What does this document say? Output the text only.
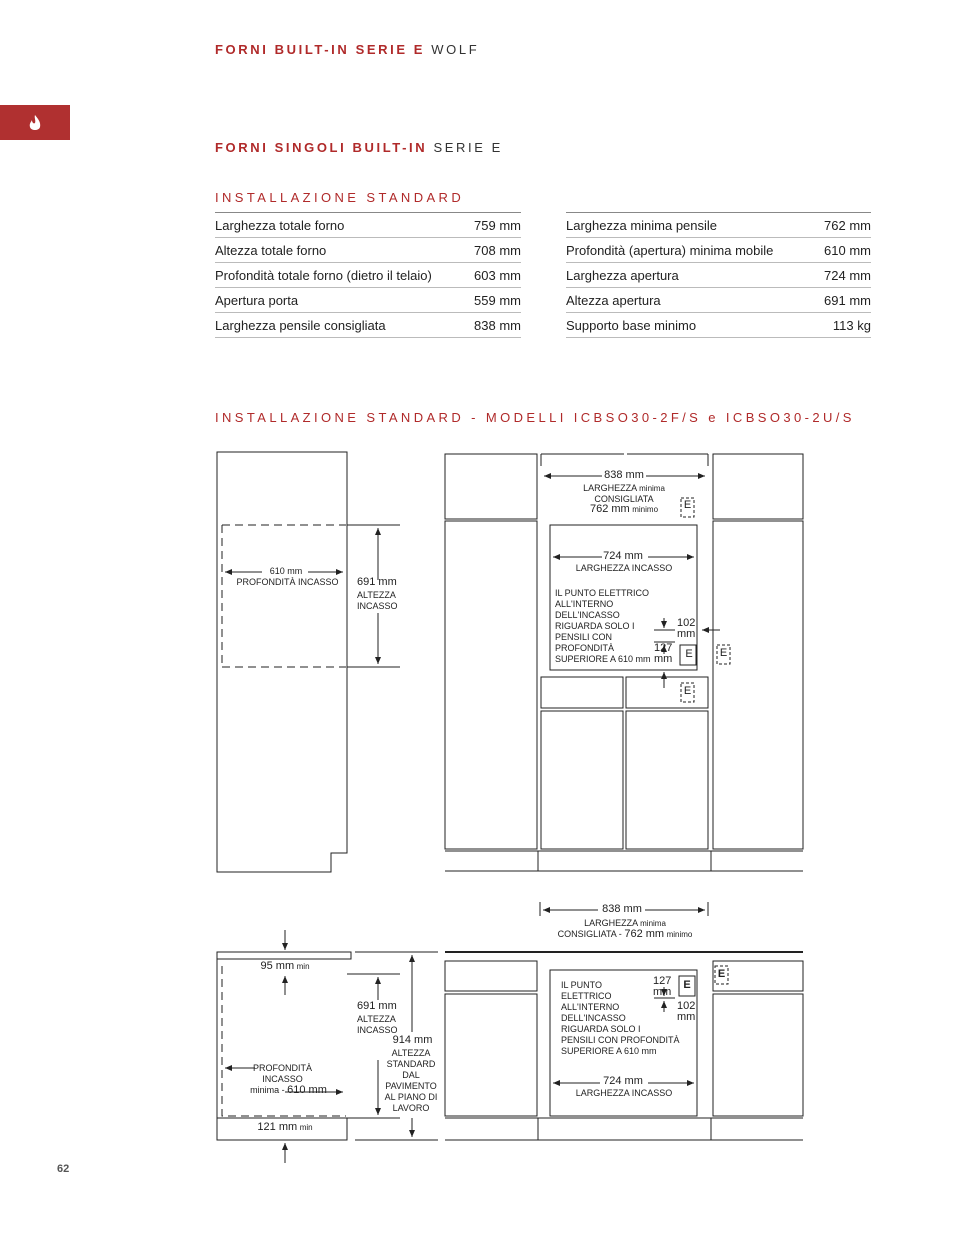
FORNI BUILT-IN SERIE E WOLF
FORNI SINGOLI BUILT-IN SERIE E
INSTALLAZIONE STANDARD
Larghezza totale forno	759 mm
Altezza totale forno	708 mm
Profondità totale forno (dietro il telaio)	603 mm
Apertura porta	559 mm
Larghezza pensile consigliata	838 mm
Larghezza minima pensile	762 mm
Profondità (apertura) minima mobile	610 mm
Larghezza apertura	724 mm
Altezza apertura	691 mm
Supporto base minimo	113 kg
INSTALLAZIONE STANDARD - MODELLI ICBSO30-2F/S e ICBSO30-2U/S
610 mm
PROFONDITÀ INCASSO	691 mm
ALTEZZA
INCASSO
838 mm
LARGHEZZA minima
CONSIGLIATA
762 mm minimo
724 mm
LARGHEZZA INCASSO
IL PUNTO ELETTRICO
ALL'INTERNO
DELL'INCASSO
RIGUARDA SOLO I
PENSILI CON
PROFONDITÀ
SUPERIORE A 610 mm
102
mm
127
mm
E
E
E
E
95 mm min
PROFONDITÀ
INCASSO
minima - 610 mm
121 mm min
691 mm
ALTEZZA
INCASSO
914 mm
ALTEZZA
STANDARD
DAL
PAVIMENTO
AL PIANO DI
LAVORO
838 mm
LARGHEZZA minima
CONSIGLIATA - 762 mm minimo
IL PUNTO
ELETTRICO
ALL'INTERNO
DELL'INCASSO
RIGUARDA SOLO I
PENSILI CON PROFONDITÀ
SUPERIORE A 610 mm
127
mm
102
mm
724 mm
LARGHEZZA INCASSO
E
E
62
